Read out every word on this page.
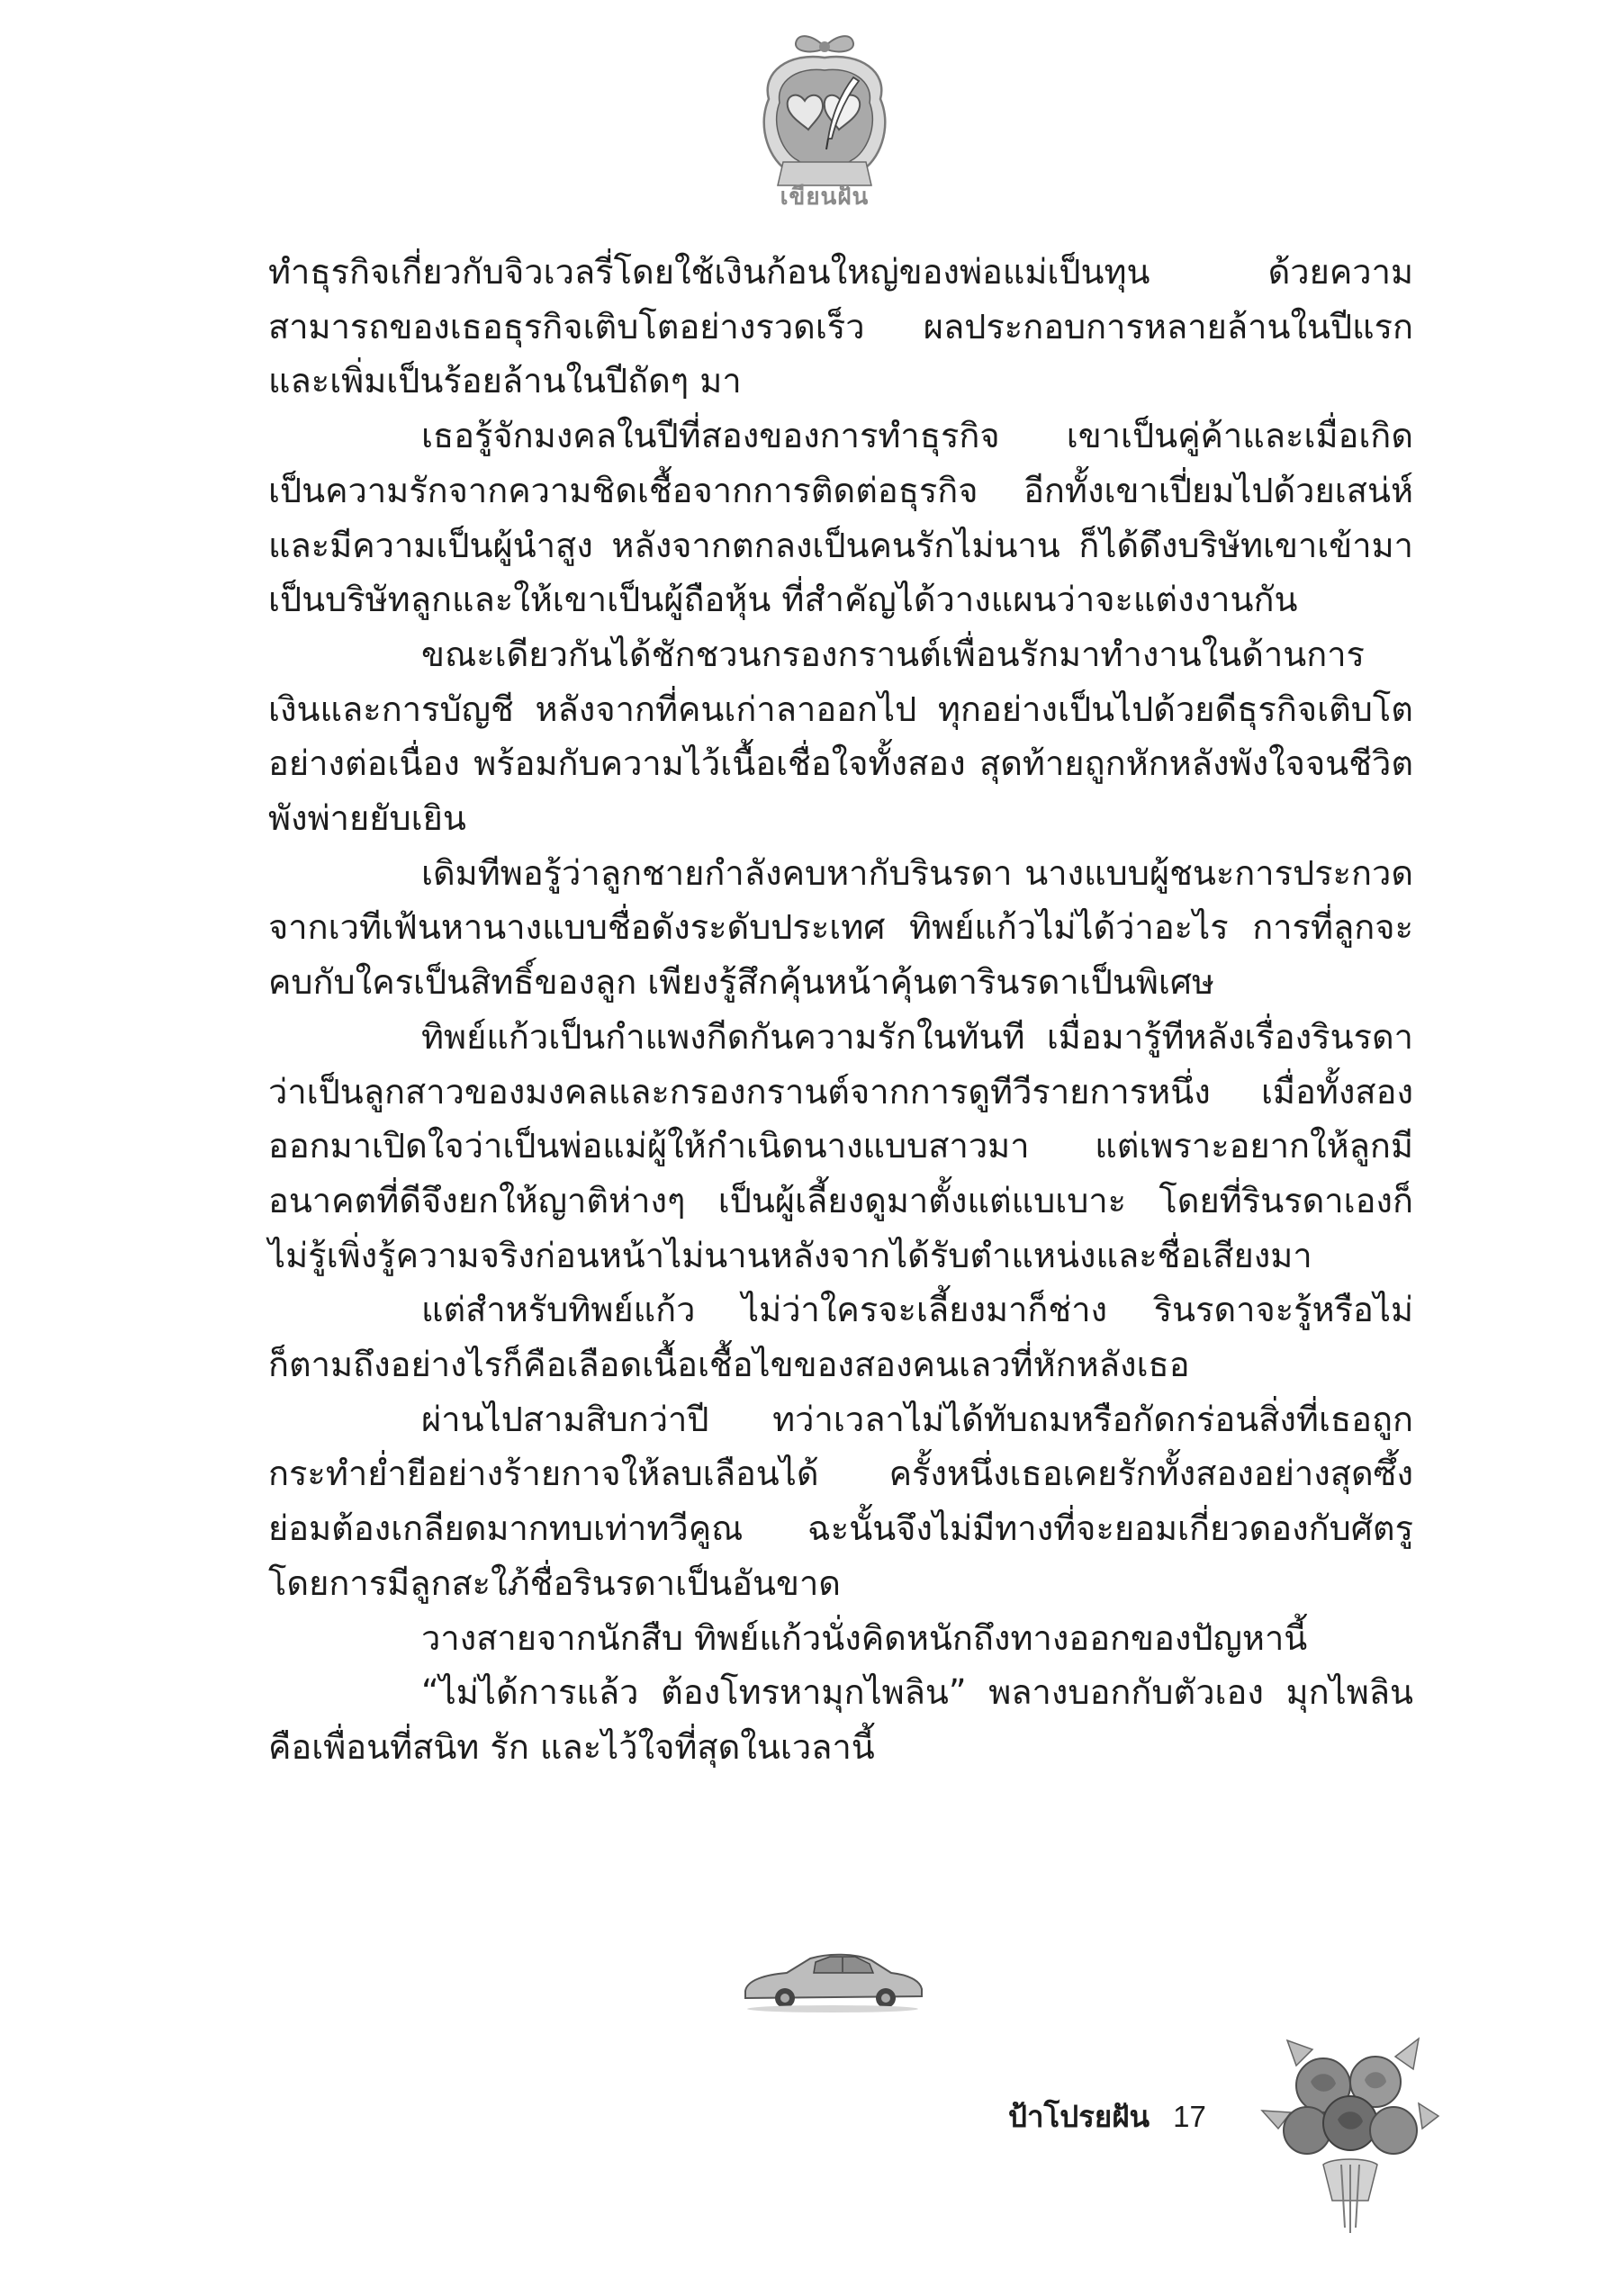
เขียนฝัน

ทำธุรกิจเกี่ยวกับจิวเวลรี่โดยใช้เงินก้อนใหญ่ของพ่อแม่เป็นทุน ด้วยความสามารถของเธอธุรกิจเติบโตอย่างรวดเร็ว ผลประกอบการหลายล้านในปีแรกและเพิ่มเป็นร้อยล้านในปีถัดๆ มา

เธอรู้จักมงคลในปีที่สองของการทำธุรกิจ เขาเป็นคู่ค้าและเมื่อเกิดเป็นความรักจากความชิดเชื้อจากการติดต่อธุรกิจ อีกทั้งเขาเปี่ยมไปด้วยเสน่ห์และมีความเป็นผู้นำสูง หลังจากตกลงเป็นคนรักไม่นาน ก็ได้ดึงบริษัทเขาเข้ามาเป็นบริษัทลูกและให้เขาเป็นผู้ถือหุ้น ที่สำคัญได้วางแผนว่าจะแต่งงานกัน

ขณะเดียวกันได้ชักชวนกรองกรานต์เพื่อนรักมาทำงานในด้านการเงินและการบัญชี หลังจากที่คนเก่าลาออกไป ทุกอย่างเป็นไปด้วยดีธุรกิจเติบโตอย่างต่อเนื่อง พร้อมกับความไว้เนื้อเชื่อใจทั้งสอง สุดท้ายถูกหักหลังพังใจจนชีวิตพังพ่ายยับเยิน

เดิมทีพอรู้ว่าลูกชายกำลังคบหากับรินรดา นางแบบผู้ชนะการประกวดจากเวทีเฟ้นหานางแบบชื่อดังระดับประเทศ ทิพย์แก้วไม่ได้ว่าอะไร การที่ลูกจะคบกับใครเป็นสิทธิ์ของลูก เพียงรู้สึกคุ้นหน้าคุ้นตารินรดาเป็นพิเศษ

ทิพย์แก้วเป็นกำแพงกีดกันความรักในทันที เมื่อมารู้ทีหลังเรื่องรินรดาว่าเป็นลูกสาวของมงคลและกรองกรานต์จากการดูทีวีรายการหนึ่ง เมื่อทั้งสองออกมาเปิดใจว่าเป็นพ่อแม่ผู้ให้กำเนิดนางแบบสาวมา แต่เพราะอยากให้ลูกมีอนาคตที่ดีจึงยกให้ญาติห่างๆ เป็นผู้เลี้ยงดูมาตั้งแต่แบเบาะ โดยที่รินรดาเองก็ไม่รู้เพิ่งรู้ความจริงก่อนหน้าไม่นานหลังจากได้รับตำแหน่งและชื่อเสียงมา

แต่สำหรับทิพย์แก้ว ไม่ว่าใครจะเลี้ยงมาก็ช่าง รินรดาจะรู้หรือไม่ก็ตามถึงอย่างไรก็คือเลือดเนื้อเชื้อไขของสองคนเลวที่หักหลังเธอ

ผ่านไปสามสิบกว่าปี ทว่าเวลาไม่ได้ทับถมหรือกัดกร่อนสิ่งที่เธอถูกกระทำย่ำยีอย่างร้ายกาจให้ลบเลือนได้ ครั้งหนึ่งเธอเคยรักทั้งสองอย่างสุดซึ้งย่อมต้องเกลียดมากทบเท่าทวีคูณ ฉะนั้นจึงไม่มีทางที่จะยอมเกี่ยวดองกับศัตรู โดยการมีลูกสะใภ้ชื่อรินรดาเป็นอันขาด

วางสายจากนักสืบ ทิพย์แก้วนั่งคิดหนักถึงทางออกของปัญหานี้

“ไม่ได้การแล้ว ต้องโทรหามุกไพลิน” พลางบอกกับตัวเอง มุกไพลินคือเพื่อนที่สนิท รัก และไว้ใจที่สุดในเวลานี้

ป้าโปรยฝัน 17
